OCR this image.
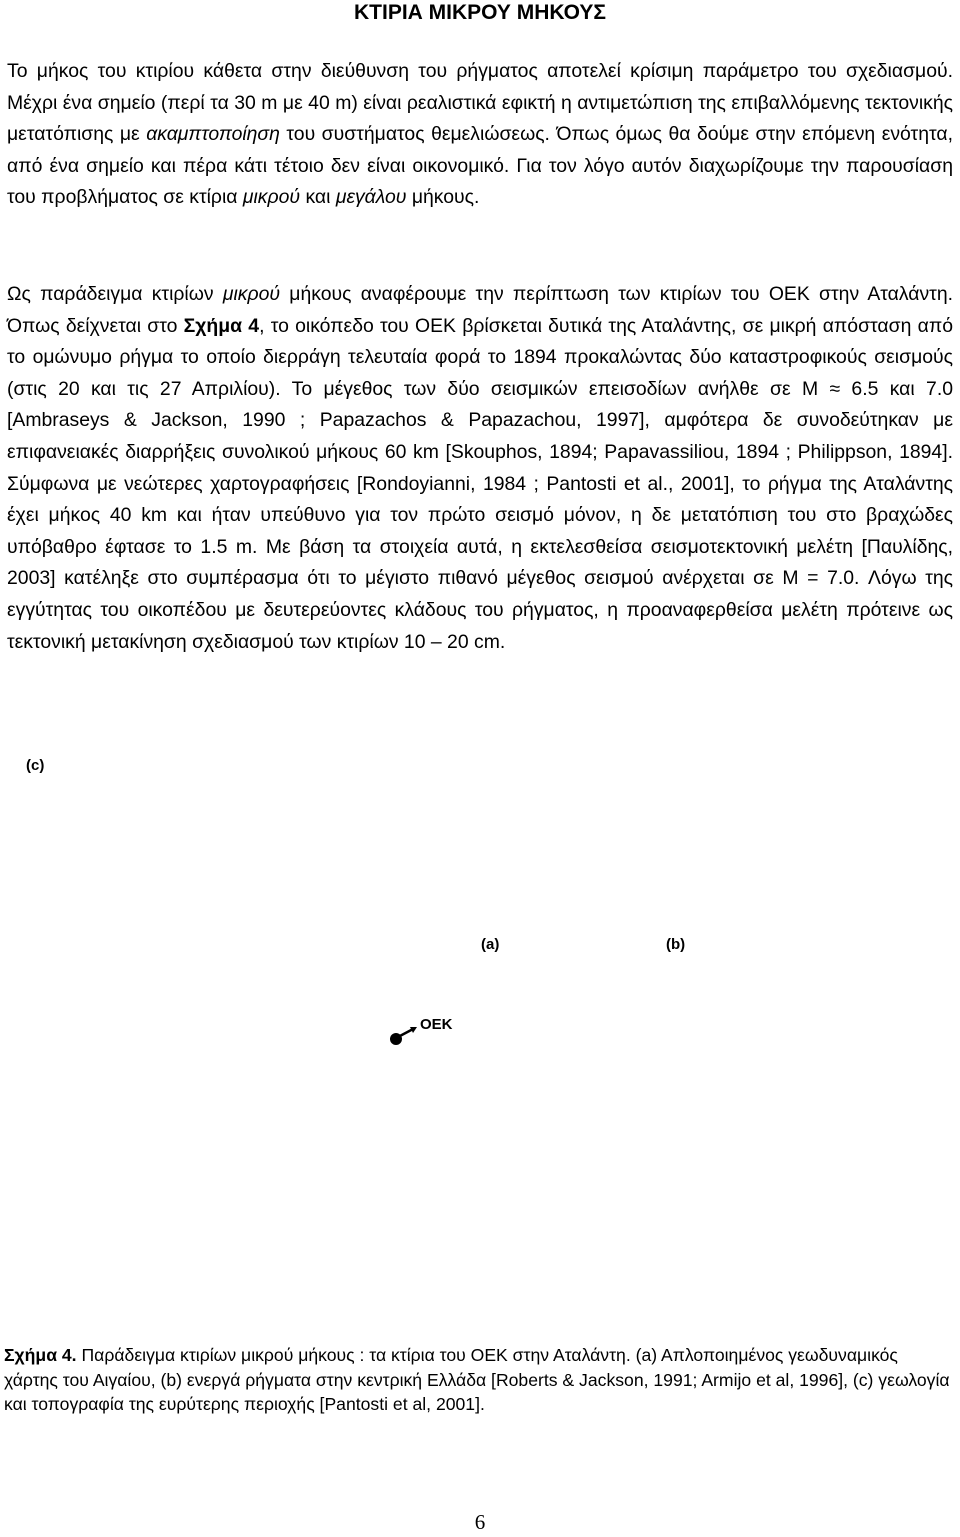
ΚΤΙΡΙΑ ΜΙΚΡΟΥ ΜΗΚΟΥΣ

Το μήκος του κτιρίου κάθετα στην διεύθυνση του ρήγματος αποτελεί κρίσιμη παράμετρο του σχεδιασμού. Μέχρι ένα σημείο (περί τα 30 m με 40 m) είναι ρεαλιστικά εφικτή η αντιμετώπιση της επιβαλλόμενης τεκτονικής μετατόπισης με ακαμπτοποίηση του συστήματος θεμελιώσεως. Όπως όμως θα δούμε στην επόμενη ενότητα, από ένα σημείο και πέρα κάτι τέτοιο δεν είναι οικονομικό. Για τον λόγο αυτόν διαχωρίζουμε την παρουσίαση του προβλήματος σε κτίρια μικρού και μεγάλου μήκους.

Ως παράδειγμα κτιρίων μικρού μήκους αναφέρουμε την περίπτωση των κτιρίων του ΟΕΚ στην Αταλάντη. Όπως δείχνεται στο Σχήμα 4, το οικόπεδο του ΟΕΚ βρίσκεται δυτικά της Αταλάντης, σε μικρή απόσταση από το ομώνυμο ρήγμα το οποίο διερράγη τελευταία φορά το 1894 προκαλώντας δύο καταστροφικούς σεισμούς (στις 20 και τις 27 Απριλίου). Το μέγεθος των δύο σεισμικών επεισοδίων ανήλθε σε M ≈ 6.5 και 7.0 [Ambraseys & Jackson, 1990 ; Papazachos & Papazachou, 1997], αμφότερα δε συνοδεύτηκαν με επιφανειακές διαρρήξεις συνολικού μήκους 60 km [Skouphos, 1894; Papavassiliou, 1894 ; Philippson, 1894]. Σύμφωνα με νεώτερες χαρτογραφήσεις [Rondoyianni, 1984 ; Pantosti et al., 2001], το ρήγμα της Αταλάντης έχει μήκος 40 km και ήταν υπεύθυνο για τον πρώτο σεισμό μόνον, η δε μετατόπιση του στο βραχώδες υπόβαθρο έφτασε το 1.5 m. Με βάση τα στοιχεία αυτά, η εκτελεσθείσα σεισμοτεκτονική μελέτη [Παυλίδης, 2003] κατέληξε στο συμπέρασμα ότι το μέγιστο πιθανό μέγεθος σεισμού ανέρχεται σε M = 7.0. Λόγω της εγγύτητας του οικοπέδου με δευτερεύοντες κλάδους του ρήγματος, η προαναφερθείσα μελέτη πρότεινε ως τεκτονική μετακίνηση σχεδιασμού των κτιρίων 10 – 20 cm.

(c)
(a)	(b)
ΟΕΚ

Σχήμα 4. Παράδειγμα κτιρίων μικρού μήκους : τα κτίρια του ΟΕΚ στην Αταλάντη. (a) Απλοποιημένος γεωδυναμικός χάρτης του Αιγαίου, (b) ενεργά ρήγματα στην κεντρική Ελλάδα [Roberts & Jackson, 1991; Armijo et al, 1996], (c) γεωλογία και τοπογραφία της ευρύτερης περιοχής [Pantosti et al, 2001].

6
